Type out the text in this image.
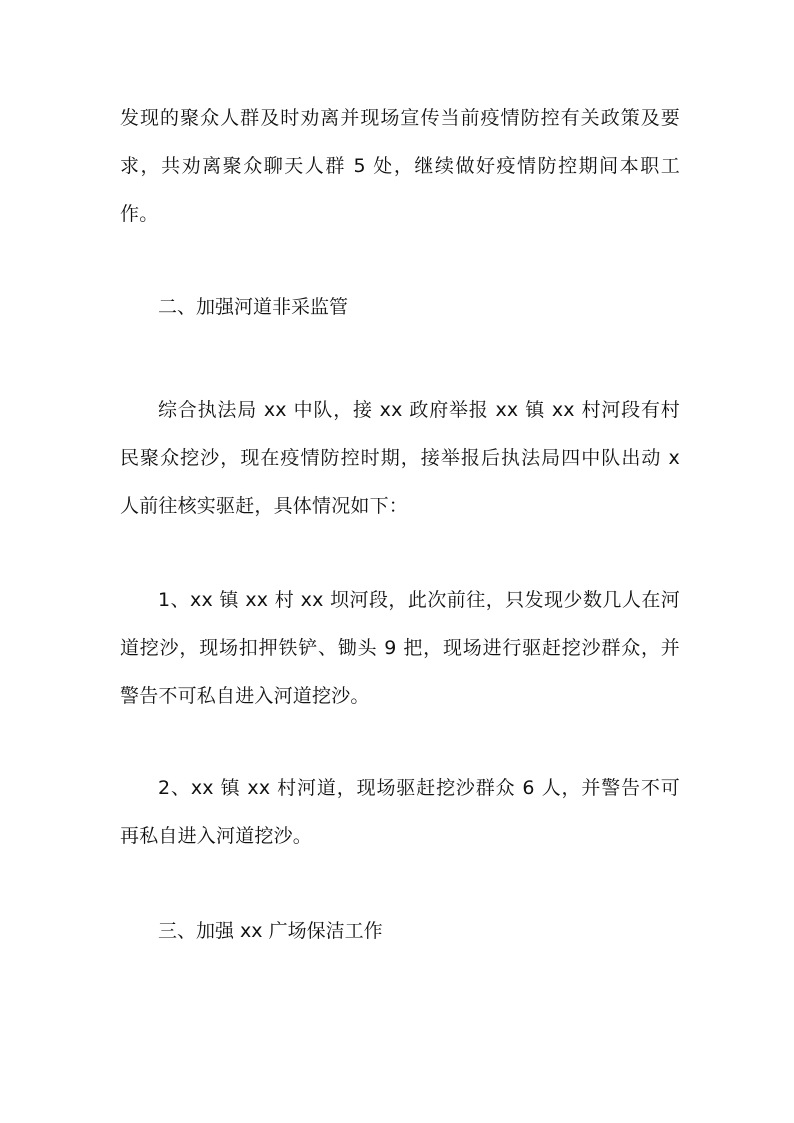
发现的聚众人群及时劝离并现场宣传当前疫情防控有关政策及要求，共劝离聚众聊天人群 5 处，继续做好疫情防控期间本职工作。

二、加强河道非采监管

综合执法局 xx 中队，接 xx 政府举报 xx 镇 xx 村河段有村民聚众挖沙，现在疫情防控时期，接举报后执法局四中队出动 x 人前往核实驱赶，具体情况如下：

1、xx 镇 xx 村 xx 坝河段，此次前往，只发现少数几人在河道挖沙，现场扣押铁铲、锄头 9 把，现场进行驱赶挖沙群众，并警告不可私自进入河道挖沙。

2、xx 镇 xx 村河道，现场驱赶挖沙群众 6 人，并警告不可再私自进入河道挖沙。

三、加强 xx 广场保洁工作
